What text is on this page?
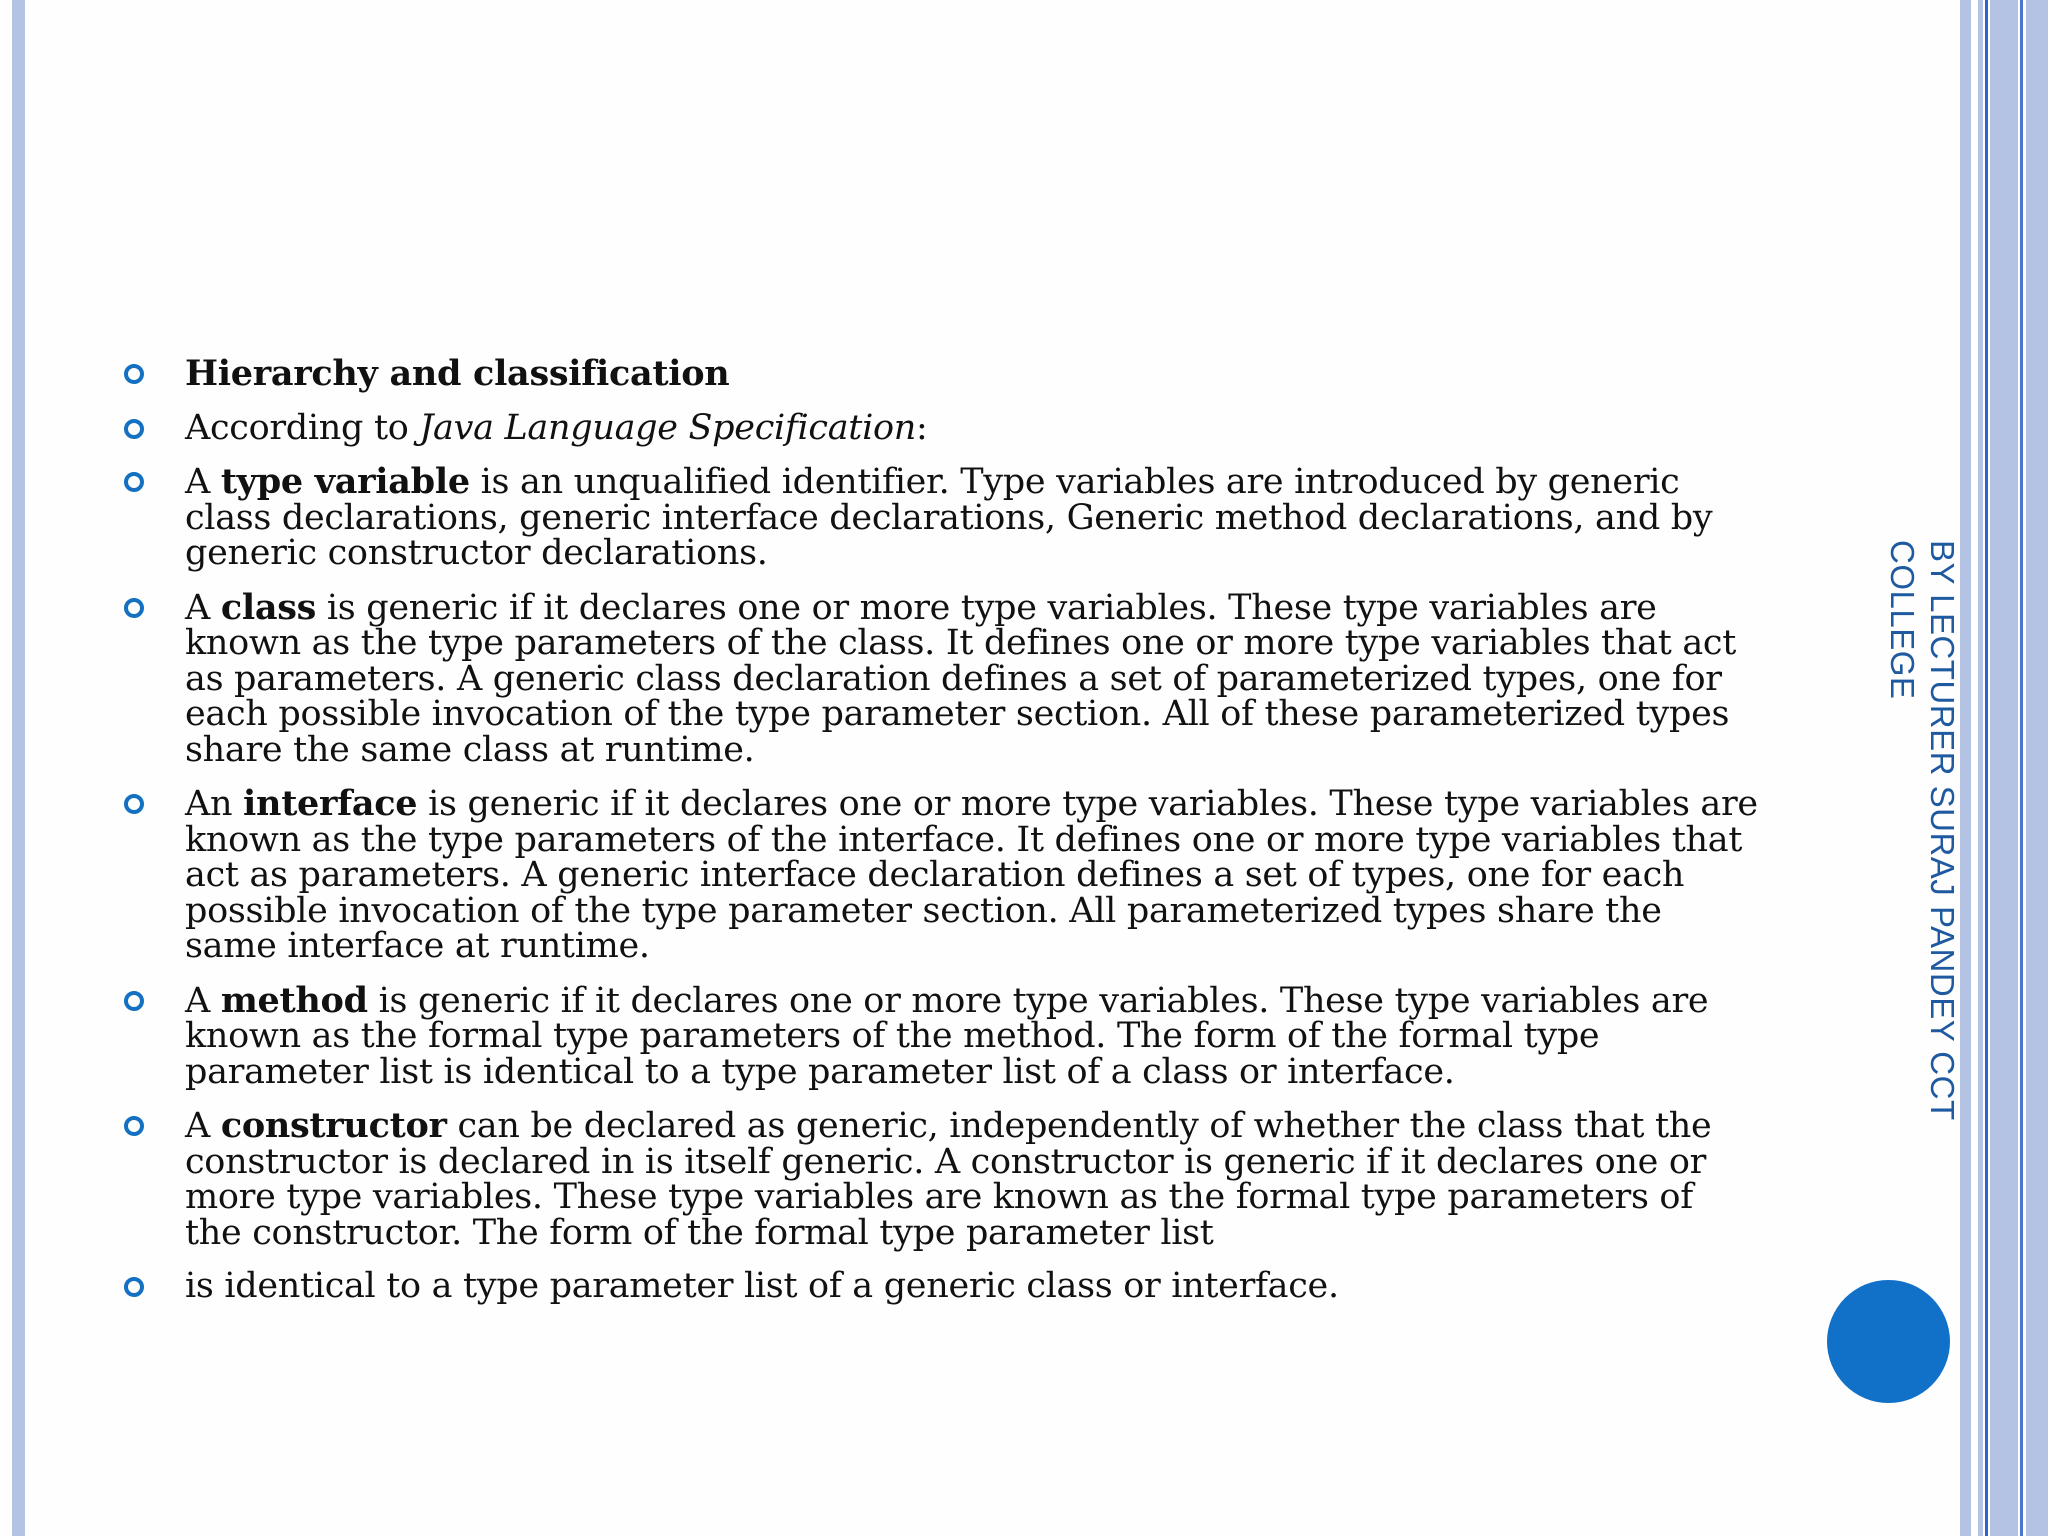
BY LECTURER SURAJ PANDEY CCT COLLEGE
Hierarchy and classification
According to Java Language Specification:
A type variable is an unqualified identifier. Type variables are introduced by generic class declarations, generic interface declarations, Generic method declarations, and by generic constructor declarations.
A class is generic if it declares one or more type variables. These type variables are known as the type parameters of the class. It defines one or more type variables that act as parameters. A generic class declaration defines a set of parameterized types, one for each possible invocation of the type parameter section. All of these parameterized types share the same class at runtime.
An interface is generic if it declares one or more type variables. These type variables are known as the type parameters of the interface. It defines one or more type variables that act as parameters. A generic interface declaration defines a set of types, one for each possible invocation of the type parameter section. All parameterized types share the same interface at runtime.
A method is generic if it declares one or more type variables. These type variables are known as the formal type parameters of the method. The form of the formal type parameter list is identical to a type parameter list of a class or interface.
A constructor can be declared as generic, independently of whether the class that the constructor is declared in is itself generic. A constructor is generic if it declares one or more type variables. These type variables are known as the formal type parameters of the constructor. The form of the formal type parameter list
is identical to a type parameter list of a generic class or interface.
